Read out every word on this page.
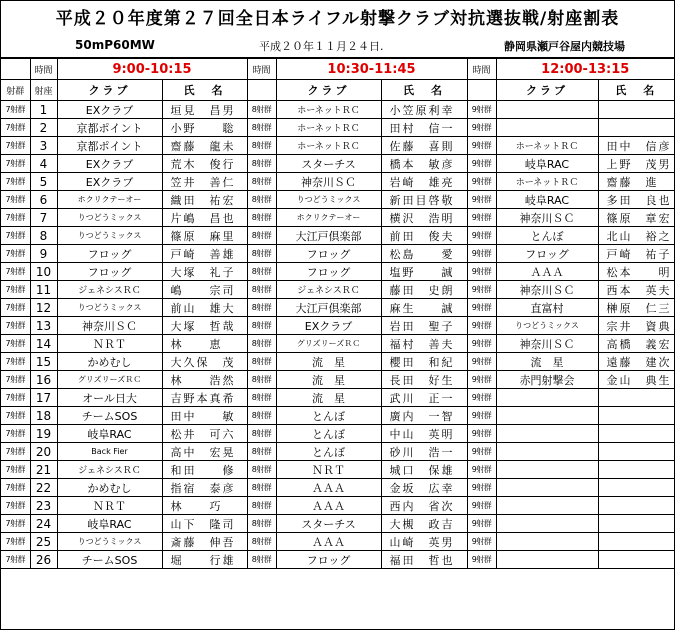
平成２０年度第２７回全日本ライフル射撃クラブ対抗選抜戦/射座割表
50mP60MW	平成２０年１１月２４日.	静岡県瀬戸谷屋内競技場
	時間	9:00-10:15		時間	10:30-11:45		時間	12:00-13:15	
射群	射座	クラブ	氏　名		クラブ	氏　名		クラブ	氏　名
7射群	1	EXクラブ	垣見　昌男	8射群	ホーネットＲＣ	小笠原利幸	9射群		
7射群	2	京都ポイント	小野　　聡	8射群	ホーネットＲＣ	田村　信一	9射群		
7射群	3	京都ポイント	齋藤　龍未	8射群	ホーネットＲＣ	佐藤　喜則	9射群	ホーネットＲＣ	田中　信彦
7射群	4	EXクラブ	荒木　俊行	8射群	スターチス	橋本　敏彦	9射群	岐阜RAC	上野　茂男
7射群	5	EXクラブ	笠井　善仁	8射群	神奈川ＳＣ	岩崎　雄亮	9射群	ホーネットＲＣ	齋藤　進
7射群	6	ホクリクテーオー	織田　祐宏	8射群	りつどうミックス	新田目啓敬	9射群	岐阜RAC	多田　良也
7射群	7	りつどうミックス	片嶋　昌也	8射群	ホクリクテーオー	横沢　浩明	9射群	神奈川ＳＣ	篠原　章宏
7射群	8	りつどうミックス	篠原　麻里	8射群	大江戸倶楽部	前田　俊夫	9射群	とんぼ	北山　裕之
7射群	9	フロッグ	戸崎　善雄	8射群	フロッグ	松島　　愛	9射群	フロッグ	戸崎　祐子
7射群	10	フロッグ	大塚　礼子	8射群	フロッグ	塩野　　誠	9射群	ＡＡＡ	松本　　明
7射群	11	ジェネシスＲＣ	嶋　　宗司	8射群	ジェネシスＲＣ	藤田　史朗	9射群	神奈川ＳＣ	西本　英夫
7射群	12	りつどうミックス	前山　雄大	8射群	大江戸倶楽部	麻生　　誠	9射群	直富村	榊原　仁三
7射群	13	神奈川ＳＣ	大塚　哲哉	8射群	EXクラブ	岩田　聖子	9射群	りつどうミックス	宗井　資典
7射群	14	ＮＲＴ	林　　恵	8射群	グリズリーズＲＣ	福村　善夫	9射群	神奈川ＳＣ	高橋　義宏
7射群	15	かめむし	大久保　茂	8射群	流　星	櫻田　和紀	9射群	流　星	遠藤　建次
7射群	16	グリズリーズＲＣ	林　　浩然	8射群	流　星	長田　好生	9射群	赤門射撃会	金山　典生
7射群	17	オール日大	吉野本真希	8射群	流　星	武川　正一	9射群		
7射群	18	チームSOS	田中　　敏	8射群	とんぼ	廣内　一智	9射群		
7射群	19	岐阜RAC	松井　可六	8射群	とんぼ	中山　英明	9射群		
7射群	20	Back Fier	高中　宏晃	8射群	とんぼ	砂川　浩一	9射群		
7射群	21	ジェネシスＲＣ	和田　　修	8射群	ＮＲＴ	城口　保雄	9射群		
7射群	22	かめむし	指宿　泰彦	8射群	ＡＡＡ	金坂　広幸	9射群		
7射群	23	ＮＲＴ	林　　巧	8射群	ＡＡＡ	西内　省次	9射群		
7射群	24	岐阜RAC	山下　隆司	8射群	スターチス	大槻　政吉	9射群		
7射群	25	りつどうミックス	斎藤　伸吾	8射群	ＡＡＡ	山崎　英男	9射群		
7射群	26	チームSOS	堀　　行雄	8射群	フロッグ	福田　哲也	9射群		
